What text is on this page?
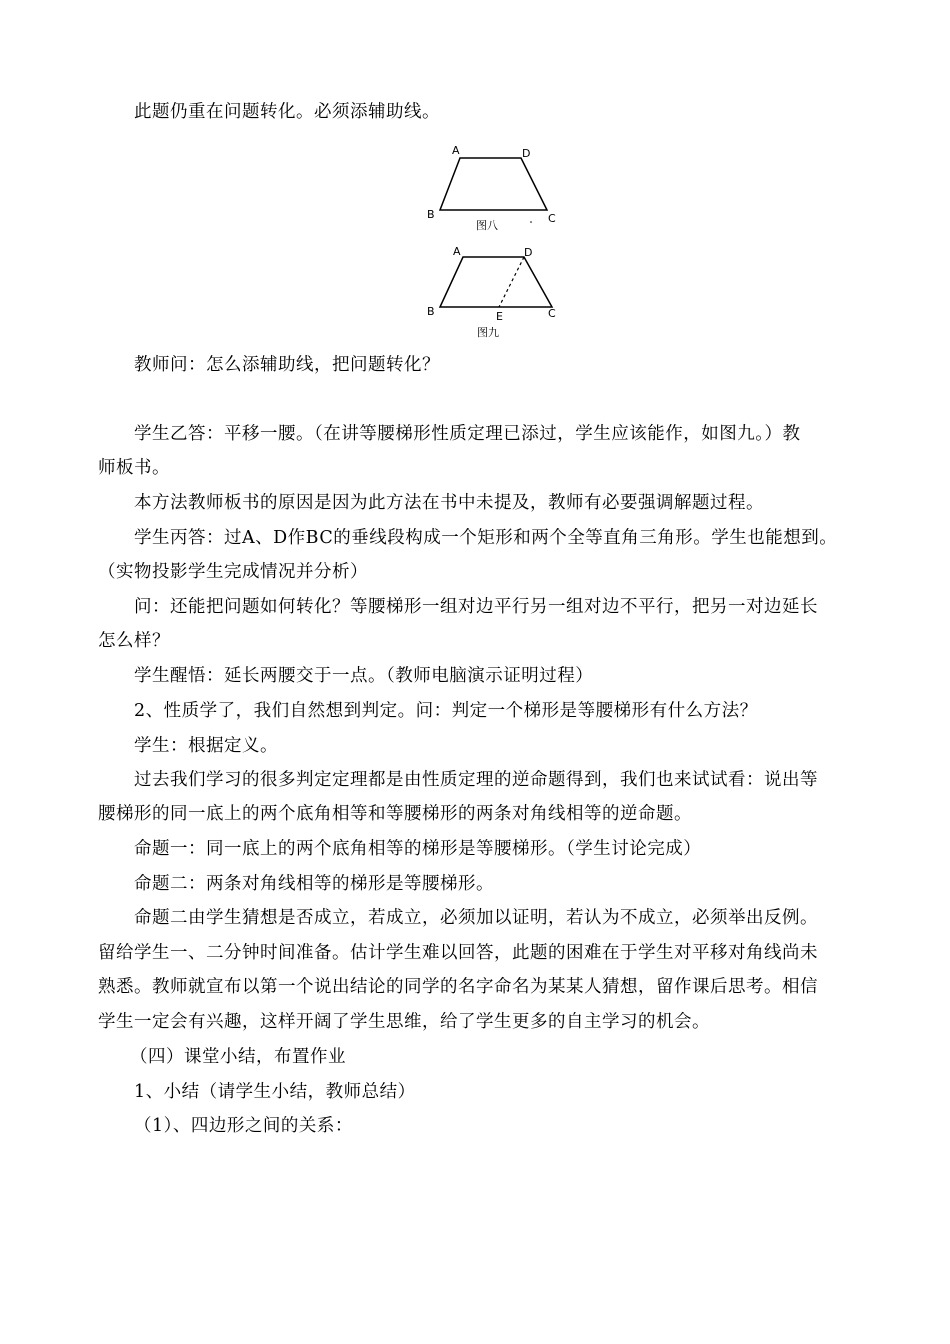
此题仍重在问题转化。必须添辅助线。
A	D
B	C
图八
A	D
B	E	C
图九
教师问：怎么添辅助线，把问题转化？
学生乙答：平移一腰。（在讲等腰梯形性质定理已添过，学生应该能作，如图九。）教
师板书。
本方法教师板书的原因是因为此方法在书中未提及，教师有必要强调解题过程。
学生丙答：过A、D作BC的垂线段构成一个矩形和两个全等直角三角形。学生也能想到。
（实物投影学生完成情况并分析）
问：还能把问题如何转化？等腰梯形一组对边平行另一组对边不平行，把另一对边延长
怎么样？
学生醒悟：延长两腰交于一点。（教师电脑演示证明过程）
2、性质学了，我们自然想到判定。问：判定一个梯形是等腰梯形有什么方法？
学生：根据定义。
过去我们学习的很多判定定理都是由性质定理的逆命题得到，我们也来试试看：说出等
腰梯形的同一底上的两个底角相等和等腰梯形的两条对角线相等的逆命题。
命题一：同一底上的两个底角相等的梯形是等腰梯形。（学生讨论完成）
命题二：两条对角线相等的梯形是等腰梯形。
命题二由学生猜想是否成立，若成立，必须加以证明，若认为不成立，必须举出反例。
留给学生一、二分钟时间准备。估计学生难以回答，此题的困难在于学生对平移对角线尚未
熟悉。教师就宣布以第一个说出结论的同学的名字命名为某某人猜想，留作课后思考。相信
学生一定会有兴趣，这样开阔了学生思维，给了学生更多的自主学习的机会。
（四）课堂小结，布置作业
1、小结（请学生小结，教师总结）
（1）、四边形之间的关系：
